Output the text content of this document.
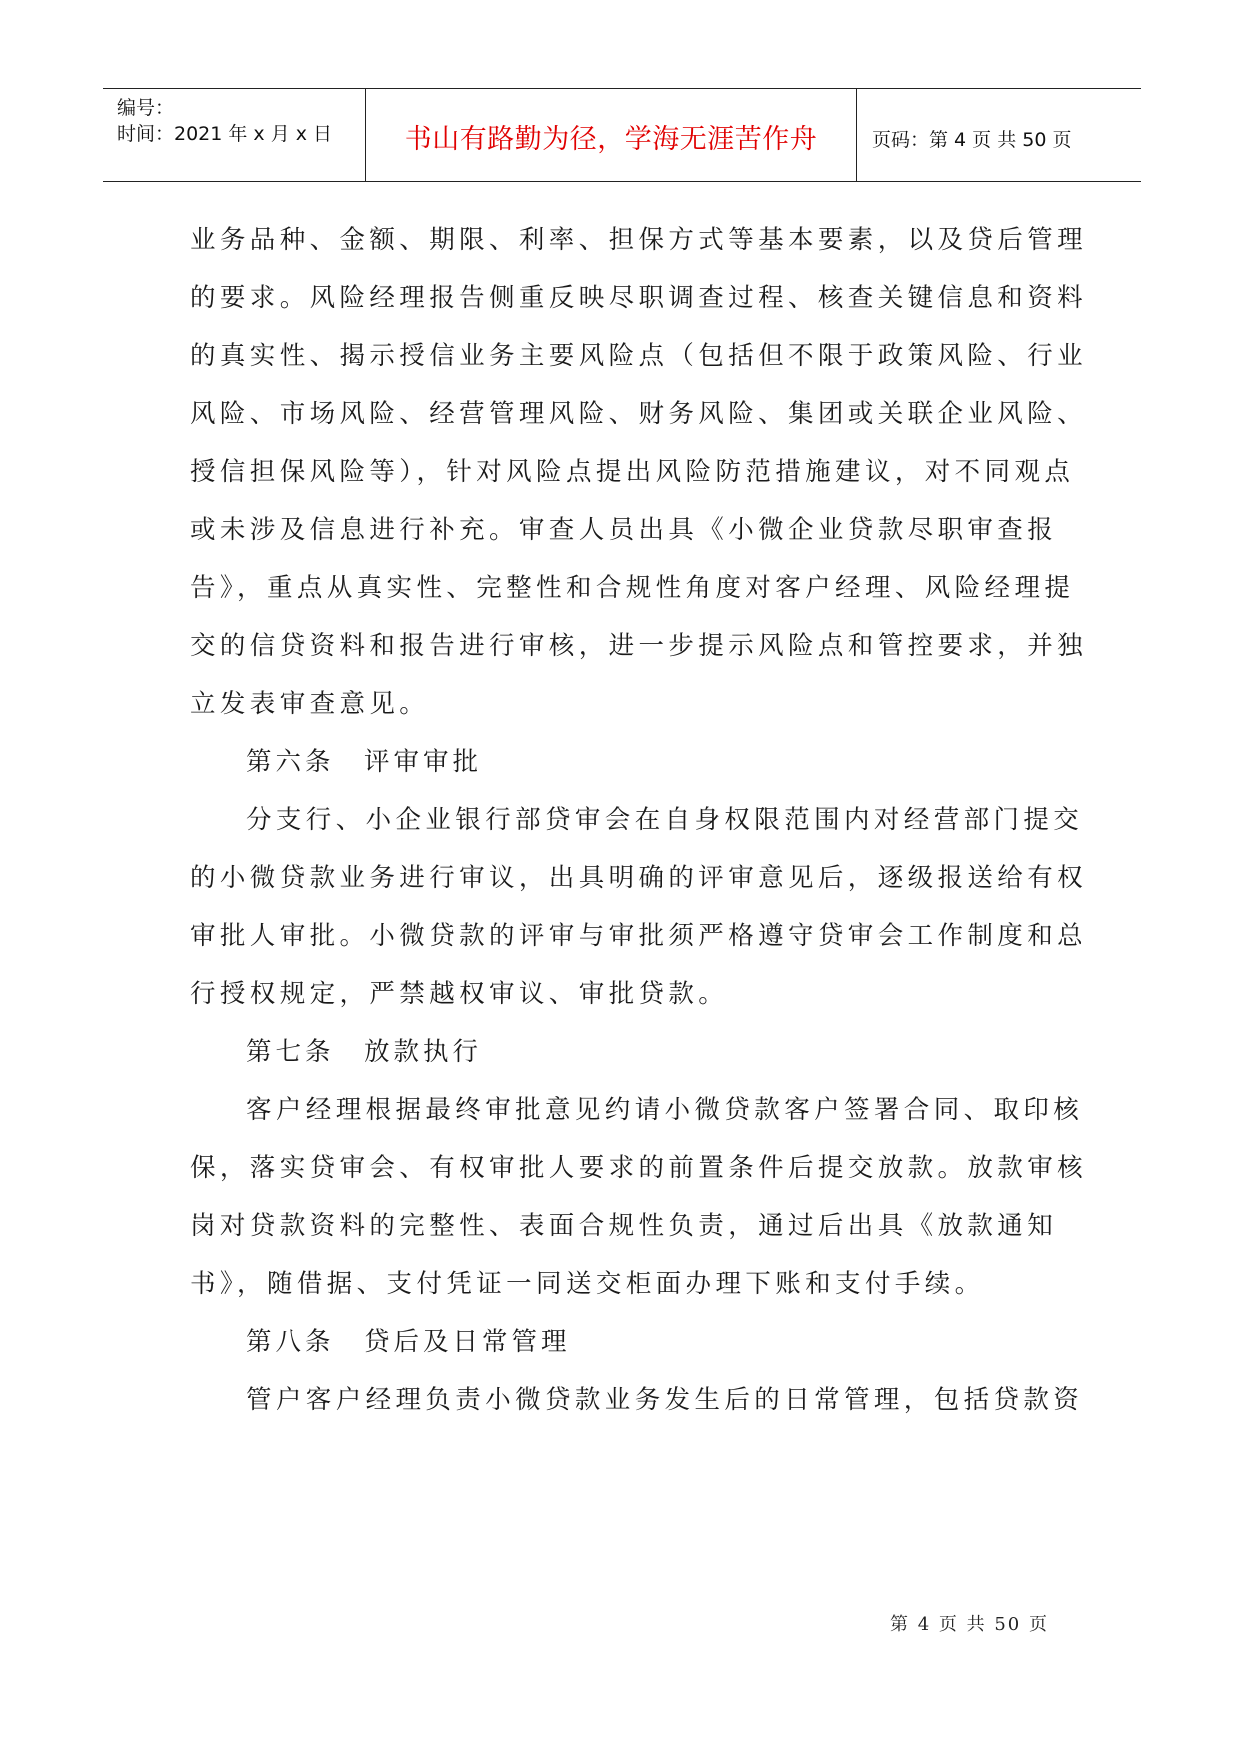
编号：
时间：2021 年 x 月 x 日	书山有路勤为径，学海无涯苦作舟	页码：第 4 页 共 50 页
业务品种、金额、期限、利率、担保方式等基本要素，以及贷后管理
的要求。风险经理报告侧重反映尽职调查过程、核查关键信息和资料
的真实性、揭示授信业务主要风险点（包括但不限于政策风险、行业
风险、市场风险、经营管理风险、财务风险、集团或关联企业风险、
授信担保风险等），针对风险点提出风险防范措施建议，对不同观点
或未涉及信息进行补充。审查人员出具《小微企业贷款尽职审查报
告》，重点从真实性、完整性和合规性角度对客户经理、风险经理提
交的信贷资料和报告进行审核，进一步提示风险点和管控要求，并独
立发表审查意见。
第六条　评审审批
分支行、小企业银行部贷审会在自身权限范围内对经营部门提交
的小微贷款业务进行审议，出具明确的评审意见后，逐级报送给有权
审批人审批。小微贷款的评审与审批须严格遵守贷审会工作制度和总
行授权规定，严禁越权审议、审批贷款。
第七条　放款执行
客户经理根据最终审批意见约请小微贷款客户签署合同、取印核
保，落实贷审会、有权审批人要求的前置条件后提交放款。放款审核
岗对贷款资料的完整性、表面合规性负责，通过后出具《放款通知
书》，随借据、支付凭证一同送交柜面办理下账和支付手续。
第八条　贷后及日常管理
管户客户经理负责小微贷款业务发生后的日常管理，包括贷款资
第 4 页 共 50 页
